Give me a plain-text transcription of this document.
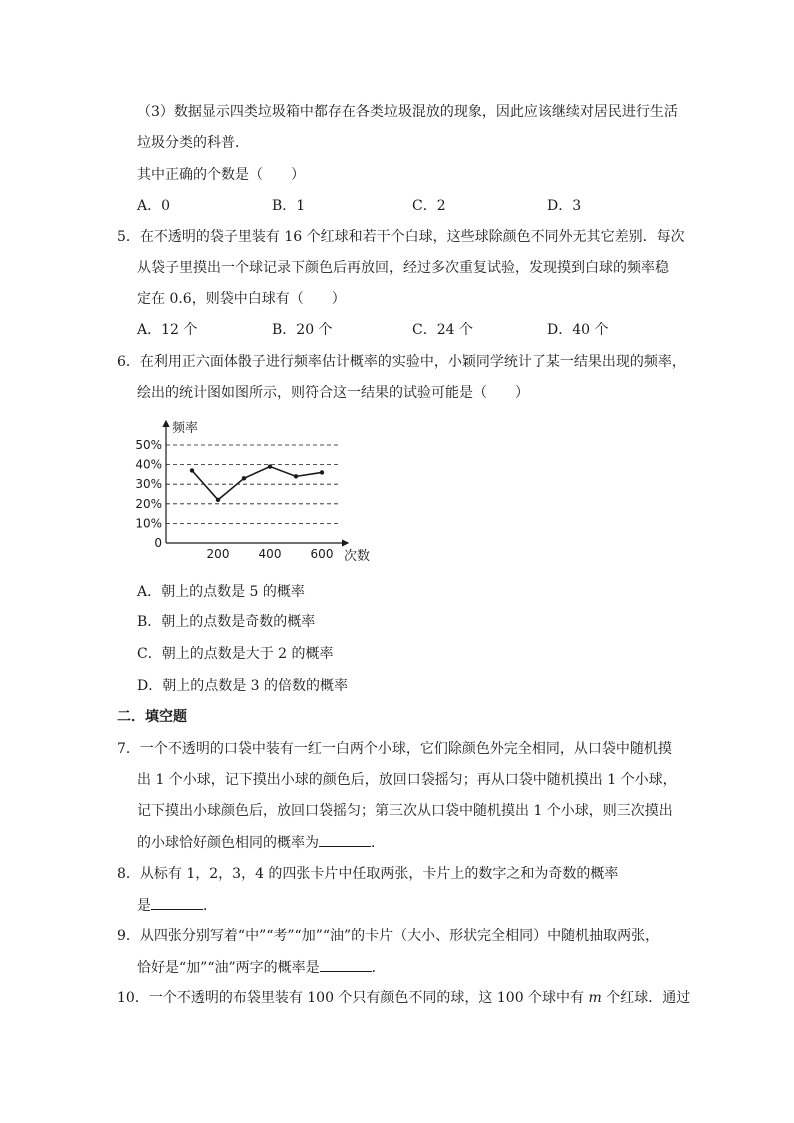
（3）数据显示四类垃圾箱中都存在各类垃圾混放的现象，因此应该继续对居民进行生活
垃圾分类的科普．
其中正确的个数是（　　）
A．0	B．1	C．2	D．3
5．在不透明的袋子里装有 16 个红球和若干个白球，这些球除颜色不同外无其它差别．每次
从袋子里摸出一个球记录下颜色后再放回，经过多次重复试验，发现摸到白球的频率稳
定在 0.6，则袋中白球有（　　）
A．12 个	B．20 个	C．24 个	D．40 个
6．在利用正六面体骰子进行频率估计概率的实验中，小颖同学统计了某一结果出现的频率，
绘出的统计图如图所示，则符合这一结果的试验可能是（　　）
频率
次数
50%
40%
30%
20%
10%
0
200 400 600
A．朝上的点数是 5 的概率
B．朝上的点数是奇数的概率
C．朝上的点数是大于 2 的概率
D．朝上的点数是 3 的倍数的概率
二．填空题
7．一个不透明的口袋中装有一红一白两个小球，它们除颜色外完全相同，从口袋中随机摸
出 1 个小球，记下摸出小球的颜色后，放回口袋摇匀；再从口袋中随机摸出 1 个小球，
记下摸出小球颜色后，放回口袋摇匀；第三次从口袋中随机摸出 1 个小球，则三次摸出
的小球恰好颜色相同的概率为	．
8．从标有 1，2，3，4 的四张卡片中任取两张，卡片上的数字之和为奇数的概率
是	．
9．从四张分别写着“中”“考”“加”“油”的卡片（大小、形状完全相同）中随机抽取两张，
恰好是“加”“油”两字的概率是	．
10．一个不透明的布袋里装有 100 个只有颜色不同的球，这 100 个球中有 m 个红球．通过
